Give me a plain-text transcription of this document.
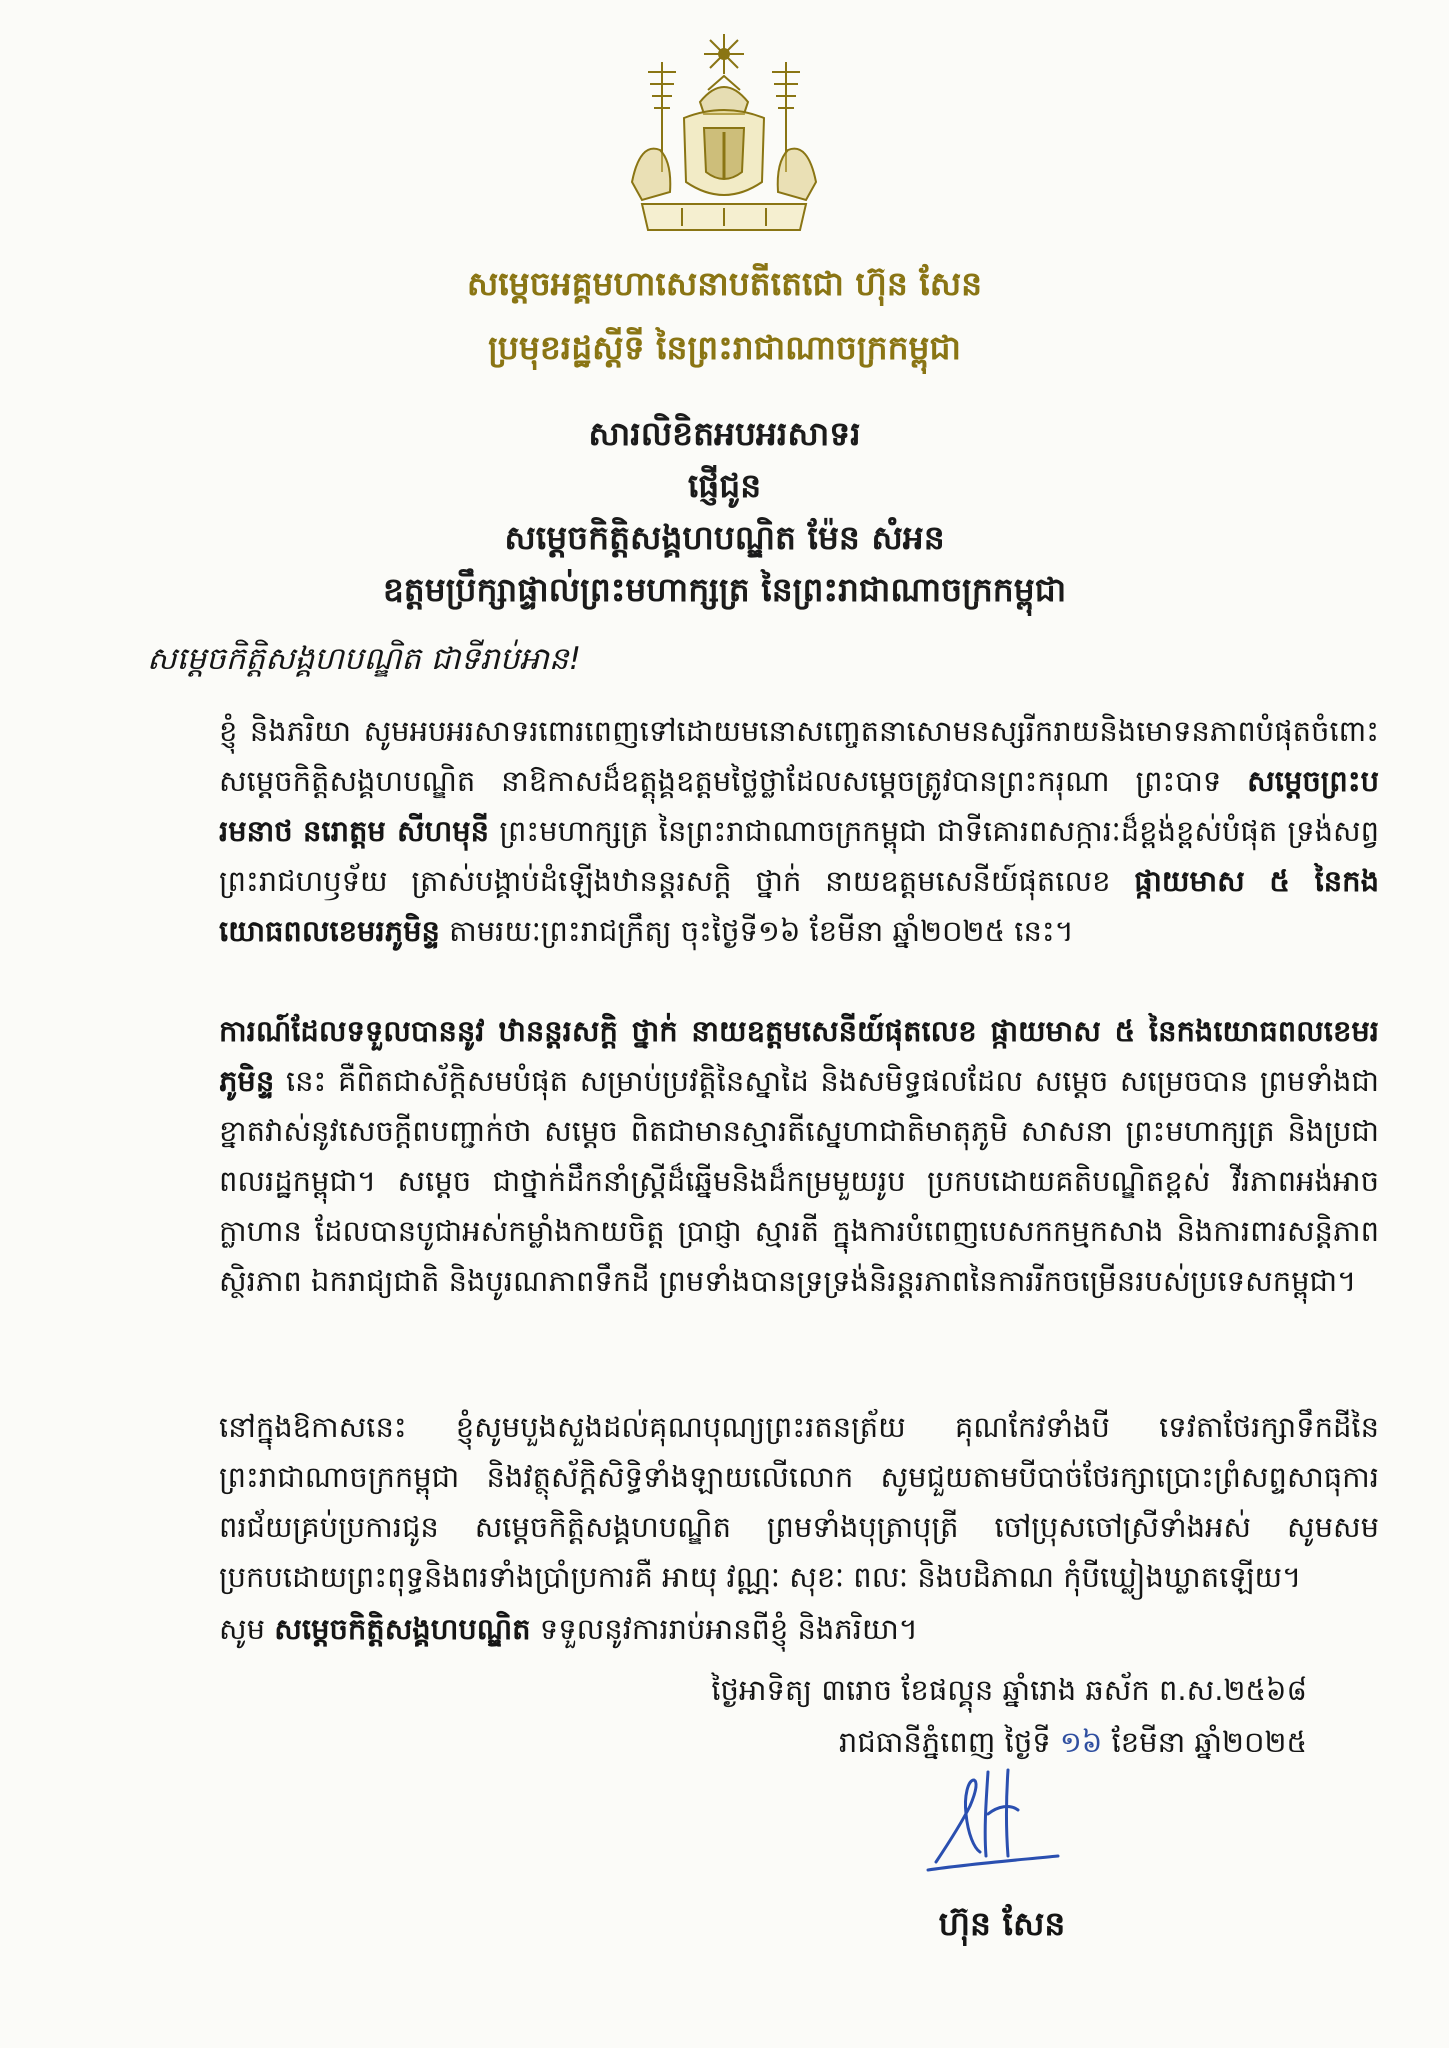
សម្តេចអគ្គមហាសេនាបតីតេជោ ហ៊ុន សែន
ប្រមុខរដ្ឋស្តីទី នៃព្រះរាជាណាចក្រកម្ពុជា
សារលិខិតអបអរសាទរ
ផ្ញើជូន
សម្តេចកិត្តិសង្គហបណ្ឌិត ម៉ែន សំអន
ឧត្តមប្រឹក្សាផ្ទាល់ព្រះមហាក្សត្រ នៃព្រះរាជាណាចក្រកម្ពុជា
សម្តេចកិត្តិសង្គហបណ្ឌិត ជាទីរាប់អាន!
ខ្ញុំ និងភរិយា សូមអបអរសាទរពោរពេញទៅដោយមនោសញ្ចេតនាសោមនស្សរីករាយនិងមោទនភាពបំផុតចំពោះ សម្តេចកិត្តិសង្គហបណ្ឌិត នាឱកាសដ៏ឧត្តុង្គឧត្តមថ្លៃថ្លាដែលសម្តេចត្រូវបានព្រះករុណា ព្រះបាទ សម្តេចព្រះបរមនាថ នរោត្តម សីហមុនី ព្រះមហាក្សត្រ នៃព្រះរាជាណាចក្រកម្ពុជា ជាទីគោរពសក្ការៈដ៏ខ្ពង់ខ្ពស់បំផុត ទ្រង់សព្វព្រះរាជហឫទ័យ ត្រាស់បង្គាប់ដំឡើងឋានន្តរសក្តិ ថ្នាក់ នាយឧត្តមសេនីយ៍ផុតលេខ ផ្កាយមាស ៥ នៃកងយោធពលខេមរភូមិន្ទ តាមរយៈព្រះរាជក្រឹត្យ ចុះថ្ងៃទី១៦ ខែមីនា ឆ្នាំ២០២៥ នេះ។
ការណ៍ដែលទទួលបាននូវ ឋានន្តរសក្តិ ថ្នាក់ នាយឧត្តមសេនីយ៍ផុតលេខ ផ្កាយមាស ៥ នៃកងយោធពលខេមរភូមិន្ទ នេះ គឺពិតជាស័ក្តិសមបំផុត សម្រាប់ប្រវត្តិនៃស្នាដៃ និងសមិទ្ធផលដែល សម្តេច សម្រេចបាន ព្រមទាំងជាខ្នាតវាស់នូវសេចក្តីពបញ្ជាក់ថា សម្តេច ពិតជាមានស្មារតីស្នេហាជាតិមាតុភូមិ សាសនា ព្រះមហាក្សត្រ និងប្រជាពលរដ្ឋកម្ពុជា។ សម្តេច ជាថ្នាក់ដឹកនាំស្ត្រីដ៏ឆ្នើមនិងដ៏កម្រមួយរូប ប្រកបដោយគតិបណ្ឌិតខ្ពស់ វីរភាពអង់អាចក្លាហាន ដែលបានបូជាអស់កម្លាំងកាយចិត្ត ប្រាជ្ញា ស្មារតី ក្នុងការបំពេញបេសកកម្មកសាង និងការពារសន្តិភាព ស្ថិរភាព ឯករាជ្យជាតិ និងបូរណភាពទឹកដី ព្រមទាំងបានទ្រទ្រង់និរន្តរភាពនៃការរីកចម្រើនរបស់ប្រទេសកម្ពុជា។
នៅក្នុងឱកាសនេះ ខ្ញុំសូមបួងសួងដល់គុណបុណ្យព្រះរតនត្រ័យ គុណកែវទាំងបី ទេវតាថែរក្សាទឹកដីនៃព្រះរាជាណាចក្រកម្ពុជា និងវត្ថុស័ក្តិសិទ្ធិទាំងឡាយលើលោក សូមជួយតាមបីបាច់ថែរក្សាប្រោះព្រំសព្ទសាធុការពរជ័យគ្រប់ប្រការជូន សម្តេចកិត្តិសង្គហបណ្ឌិត ព្រមទាំងបុត្រាបុត្រី ចៅប្រុសចៅស្រីទាំងអស់ សូមសមប្រកបដោយព្រះពុទ្ធនិងពរទាំងប្រាំប្រការគឺ អាយុ វណ្ណៈ សុខៈ ពលៈ និងបដិភាណ កុំបីឃ្លៀងឃ្លាតឡើយ។
សូម សម្តេចកិត្តិសង្គហបណ្ឌិត ទទួលនូវការរាប់អានពីខ្ញុំ និងភរិយា។
ថ្ងៃអាទិត្យ ៣រោច ខែផល្គុន ឆ្នាំរោង ឆស័ក ព.ស.២៥៦៨
រាជធានីភ្នំពេញ ថ្ងៃទី ១៦ ខែមីនា ឆ្នាំ២០២៥
ហ៊ុន សែន
